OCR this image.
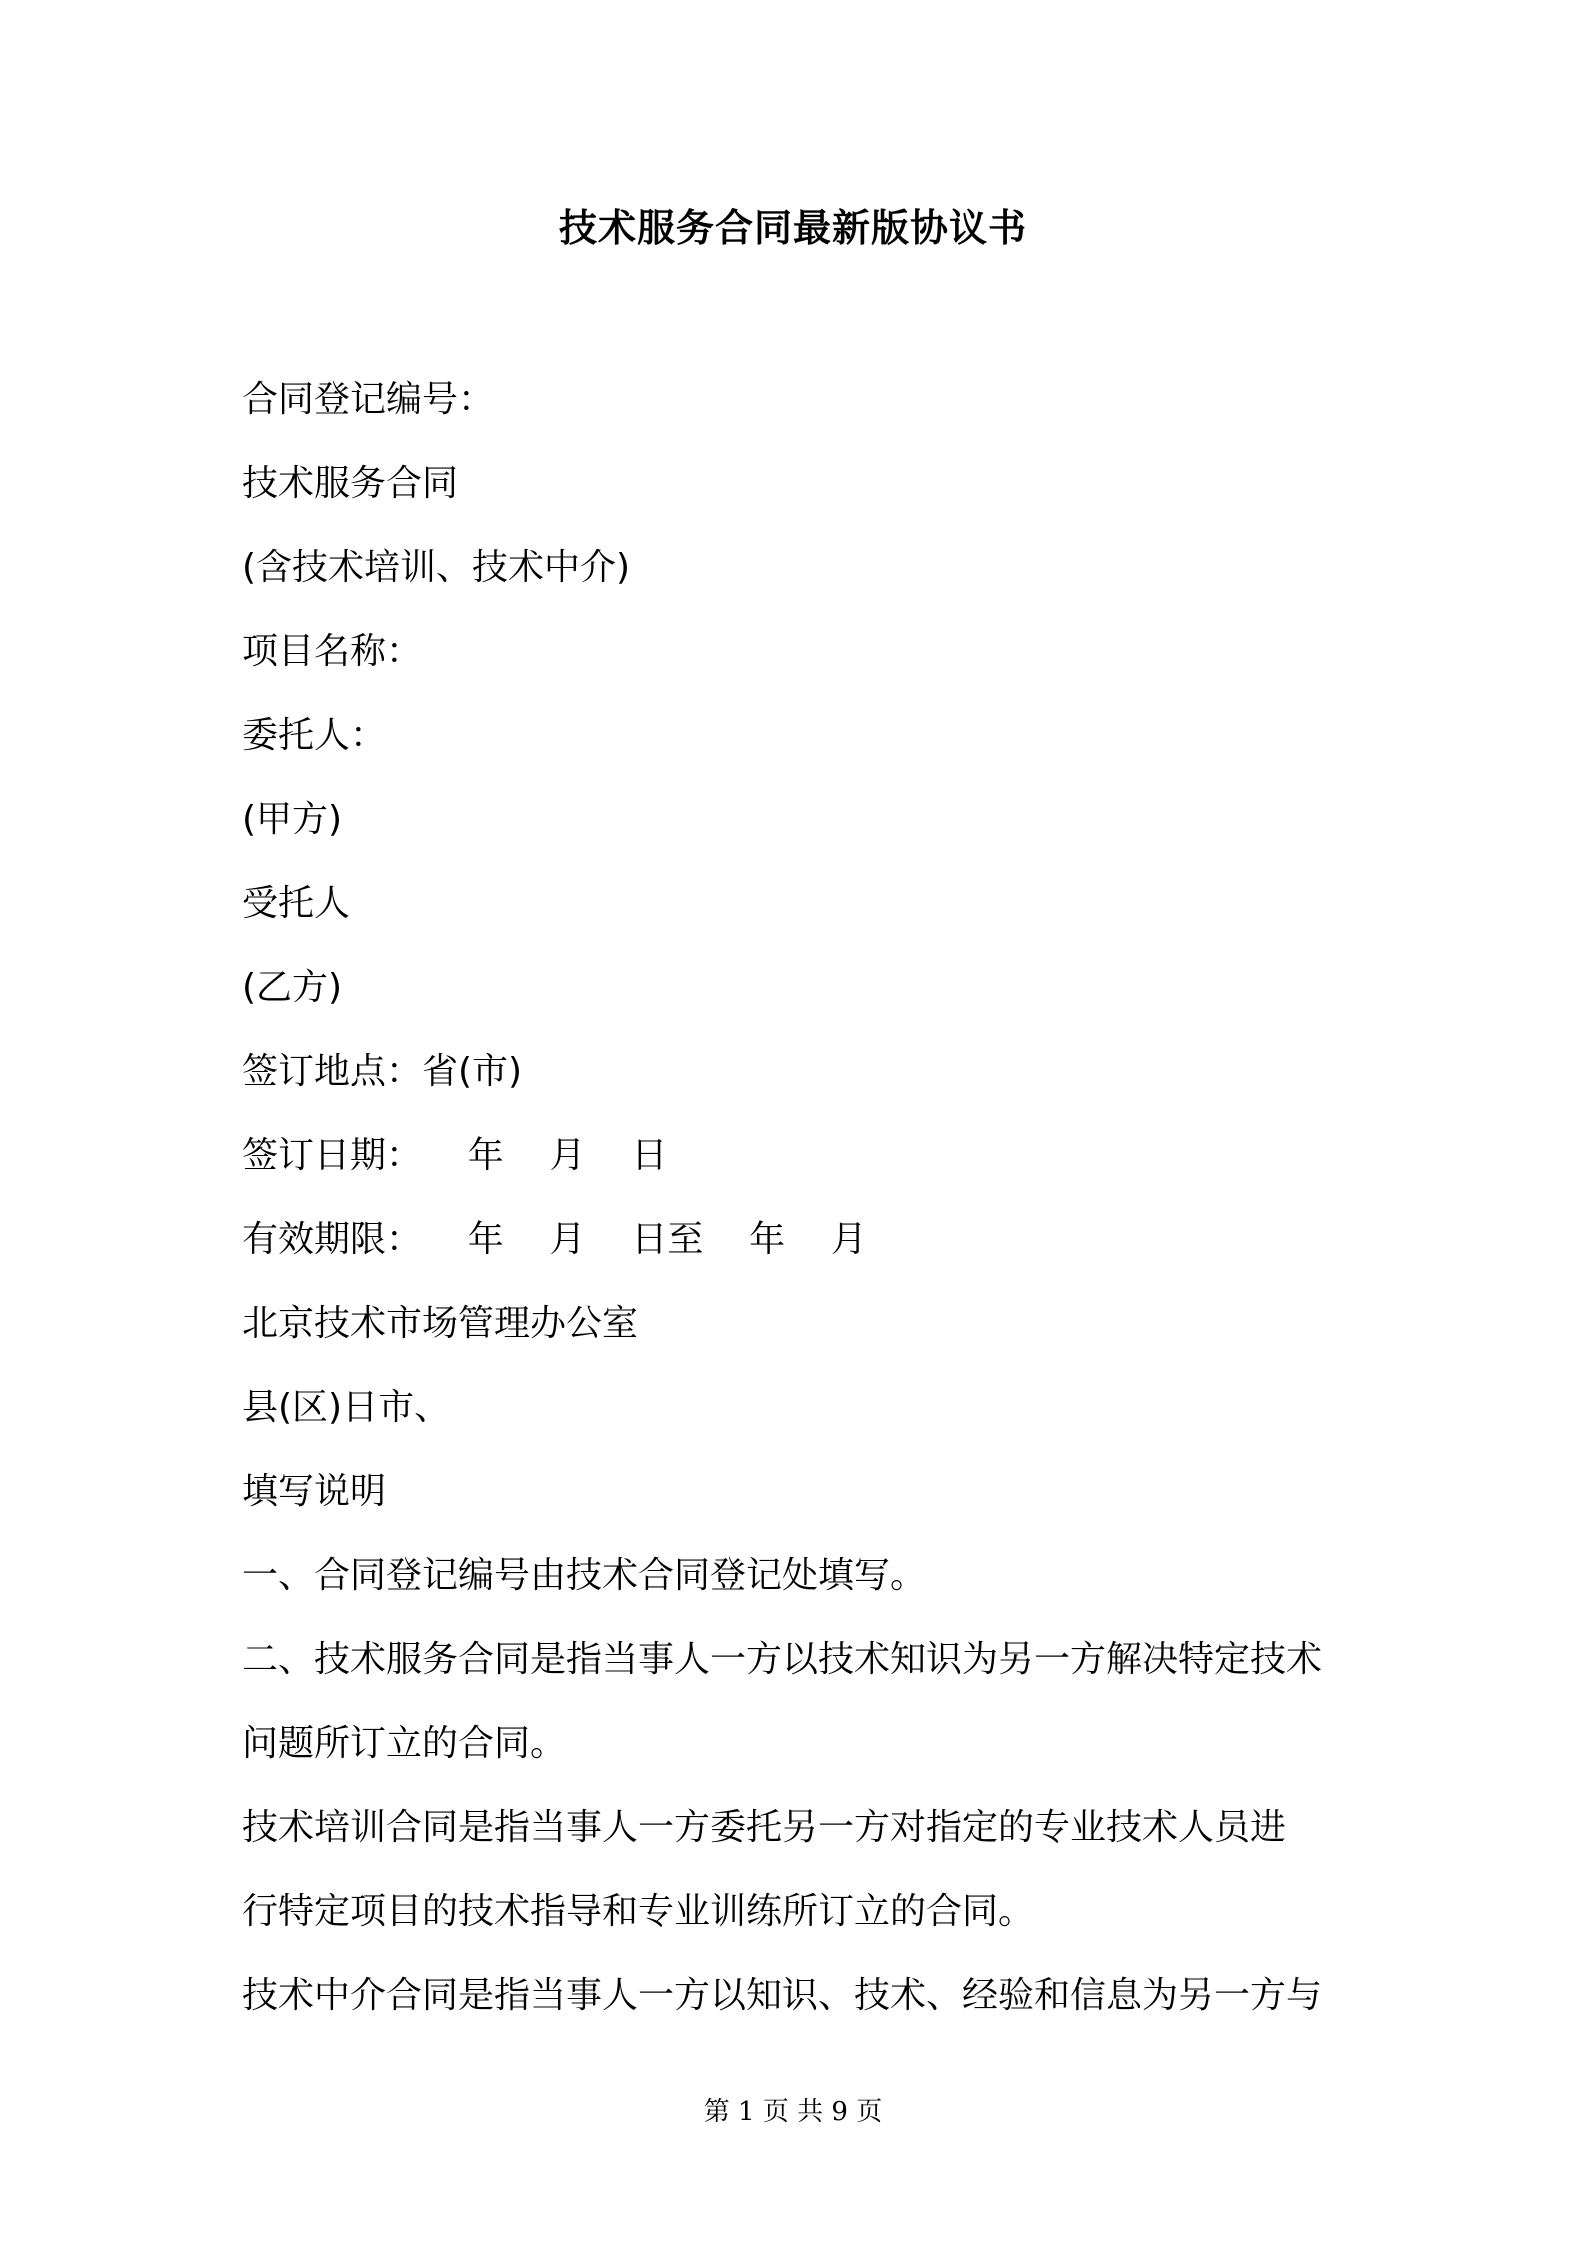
技术服务合同最新版协议书
合同登记编号：
技术服务合同
(含技术培训、技术中介)
项目名称：
委托人：
(甲方)
受托人
(乙方)
签订地点：省(市)
签订日期：    年    月    日
有效期限：    年    月    日至    年    月
北京技术市场管理办公室
县(区)日市、
填写说明
一、合同登记编号由技术合同登记处填写。
二、技术服务合同是指当事人一方以技术知识为另一方解决特定技术
问题所订立的合同。
技术培训合同是指当事人一方委托另一方对指定的专业技术人员进
行特定项目的技术指导和专业训练所订立的合同。
技术中介合同是指当事人一方以知识、技术、经验和信息为另一方与
第 1 页 共 9 页
